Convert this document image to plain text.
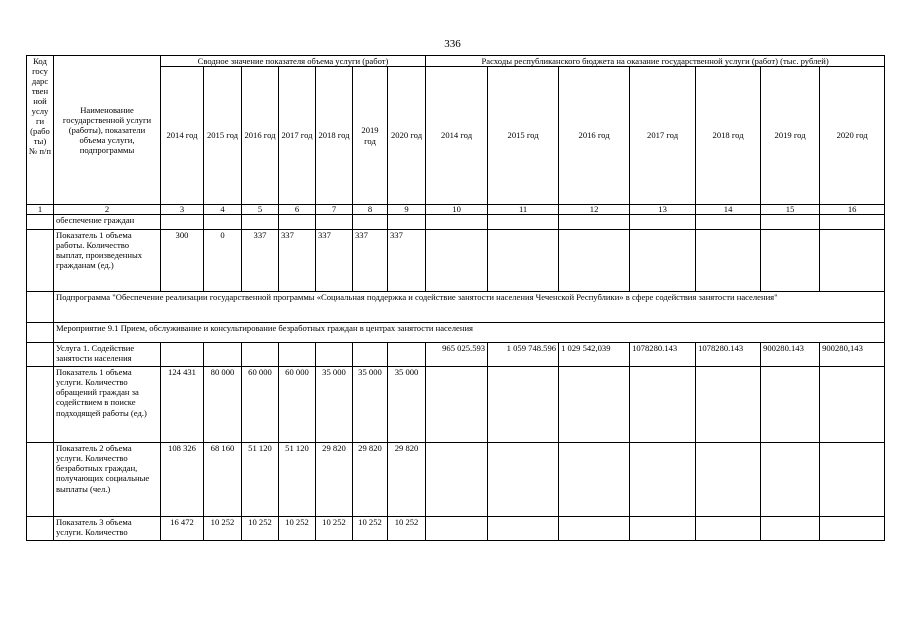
336
Код госу дарс твен ной услу ги (рабо ты) № п/п	Наименование государственной услуги (работы), показатели объема услуги, подпрограммы	Сводное значение показателя объема услуги (работ)							Расходы республиканского бюджета на оказание государственной услуги (работ) (тыс. рублей)						
		2014 год	2015 год	2016 год	2017 год	2018 год	2019 год	2020 год	2014 год	2015 год	2016 год	2017 год	2018 год	2019 год	2020 год
1	2	3	4	5	6	7	8	9	10	11	12	13	14	15	16
	обеспечение граждан														
	Показатель 1 объема работы. Количество выплат, произведенных гражданам (ед.)	300	0	337	337	337	337	337							
	Подпрограмма "Обеспечение реализации государственной программы «Социальная поддержка и содействие занятости населения Чеченской Республики» в сфере содействия занятости населения"														
	Мероприятие 9.1 Прием, обслуживание и консультирование безработных граждан в центрах занятости населения														
	Услуга 1. Содействие занятости населения								965 025.593	1 059 748.596	1 029 542,039	1078280.143	1078280.143	900280.143	900280,143
	Показатель 1 объема услуги. Количество обращений граждан за содействием в поиске подходящей работы (ед.)	124 431	80 000	60 000	60 000	35 000	35 000	35 000							
	Показатель 2 объема услуги. Количество безработных граждан, получающих социальные выплаты (чел.)	108 326	68 160	51 120	51 120	29 820	29 820	29 820							
	Показатель 3 объема услуги. Количество	16 472	10 252	10 252	10 252	10 252	10 252	10 252							
